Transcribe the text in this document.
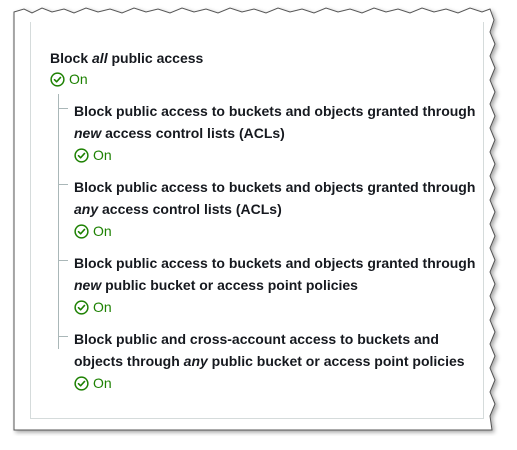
Block all public access
On
Block public access to buckets and objects granted through
new access control lists (ACLs)
On
Block public access to buckets and objects granted through
any access control lists (ACLs)
On
Block public access to buckets and objects granted through
new public bucket or access point policies
On
Block public and cross-account access to buckets and
objects through any public bucket or access point policies
On
